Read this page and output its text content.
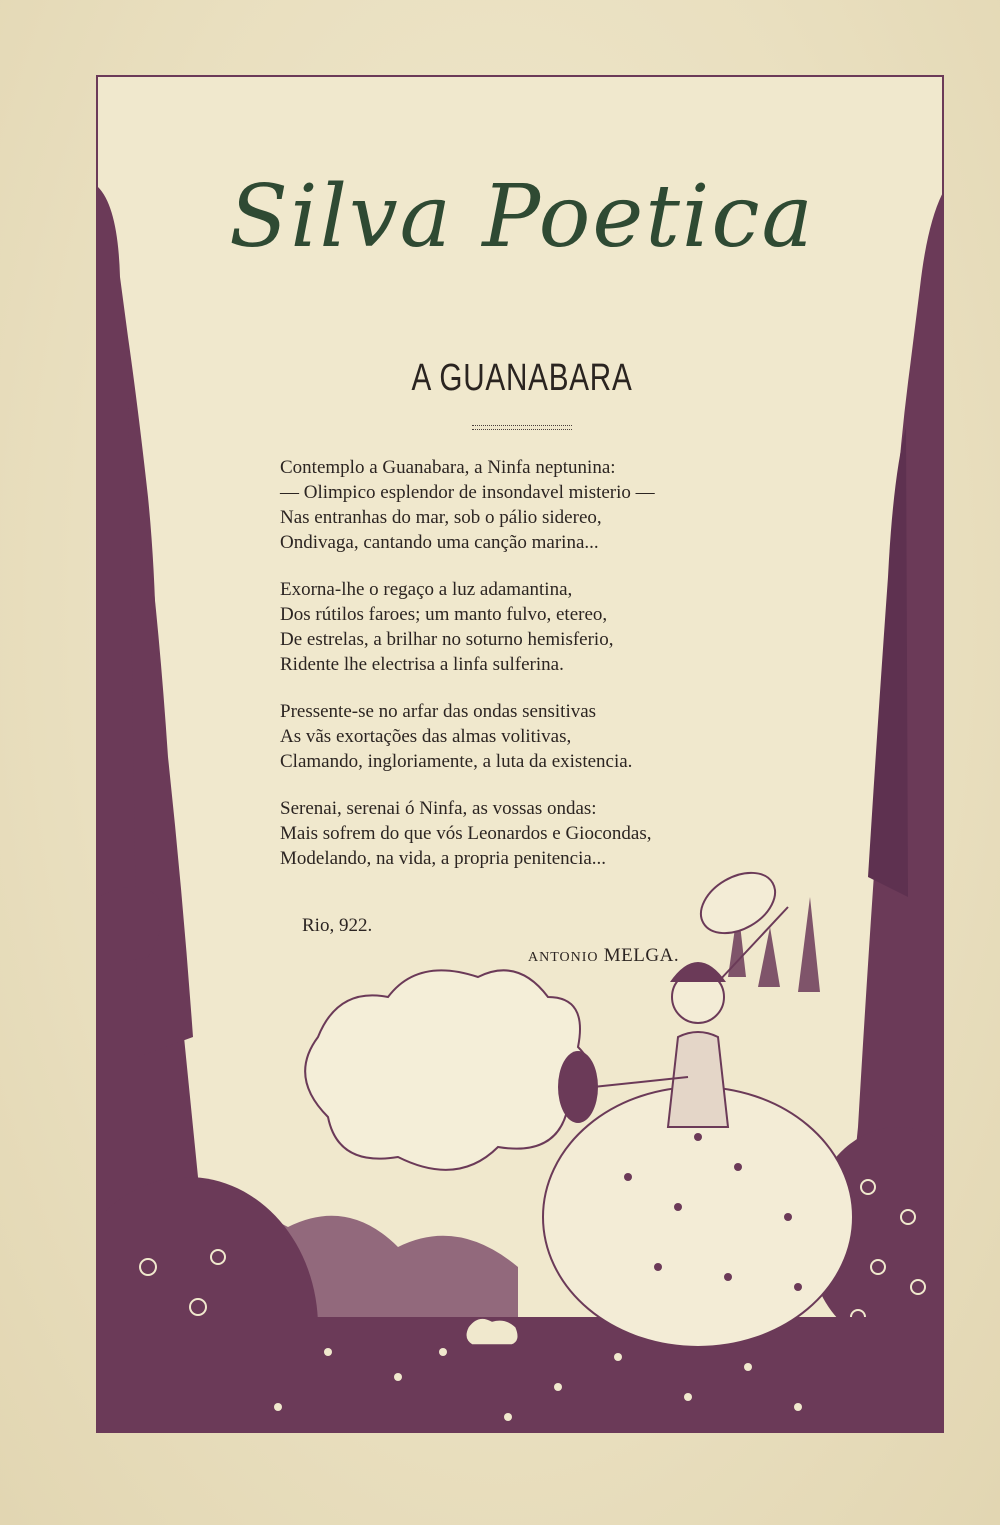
Silva Poetica
A GUANABARA
Contemplo a Guanabara, a Ninfa neptunina:
— Olimpico esplendor de insondavel misterio —
Nas entranhas do mar, sob o pálio sidereo,
Ondivaga, cantando uma canção marina...
Exorna-lhe o regaço a luz adamantina,
Dos rútilos faroes; um manto fulvo, etereo,
De estrelas, a brilhar no soturno hemisferio,
Ridente lhe electrisa a linfa sulferina.
Pressente-se no arfar das ondas sensitivas
As vãs exortações das almas volitivas,
Clamando, ingloriamente, a luta da existencia.
Serenai, serenai ó Ninfa, as vossas ondas:
Mais sofrem do que vós Leonardos e Giocondas,
Modelando, na vida, a propria penitencia...
Rio, 922.
ANTONIO MELGA.
